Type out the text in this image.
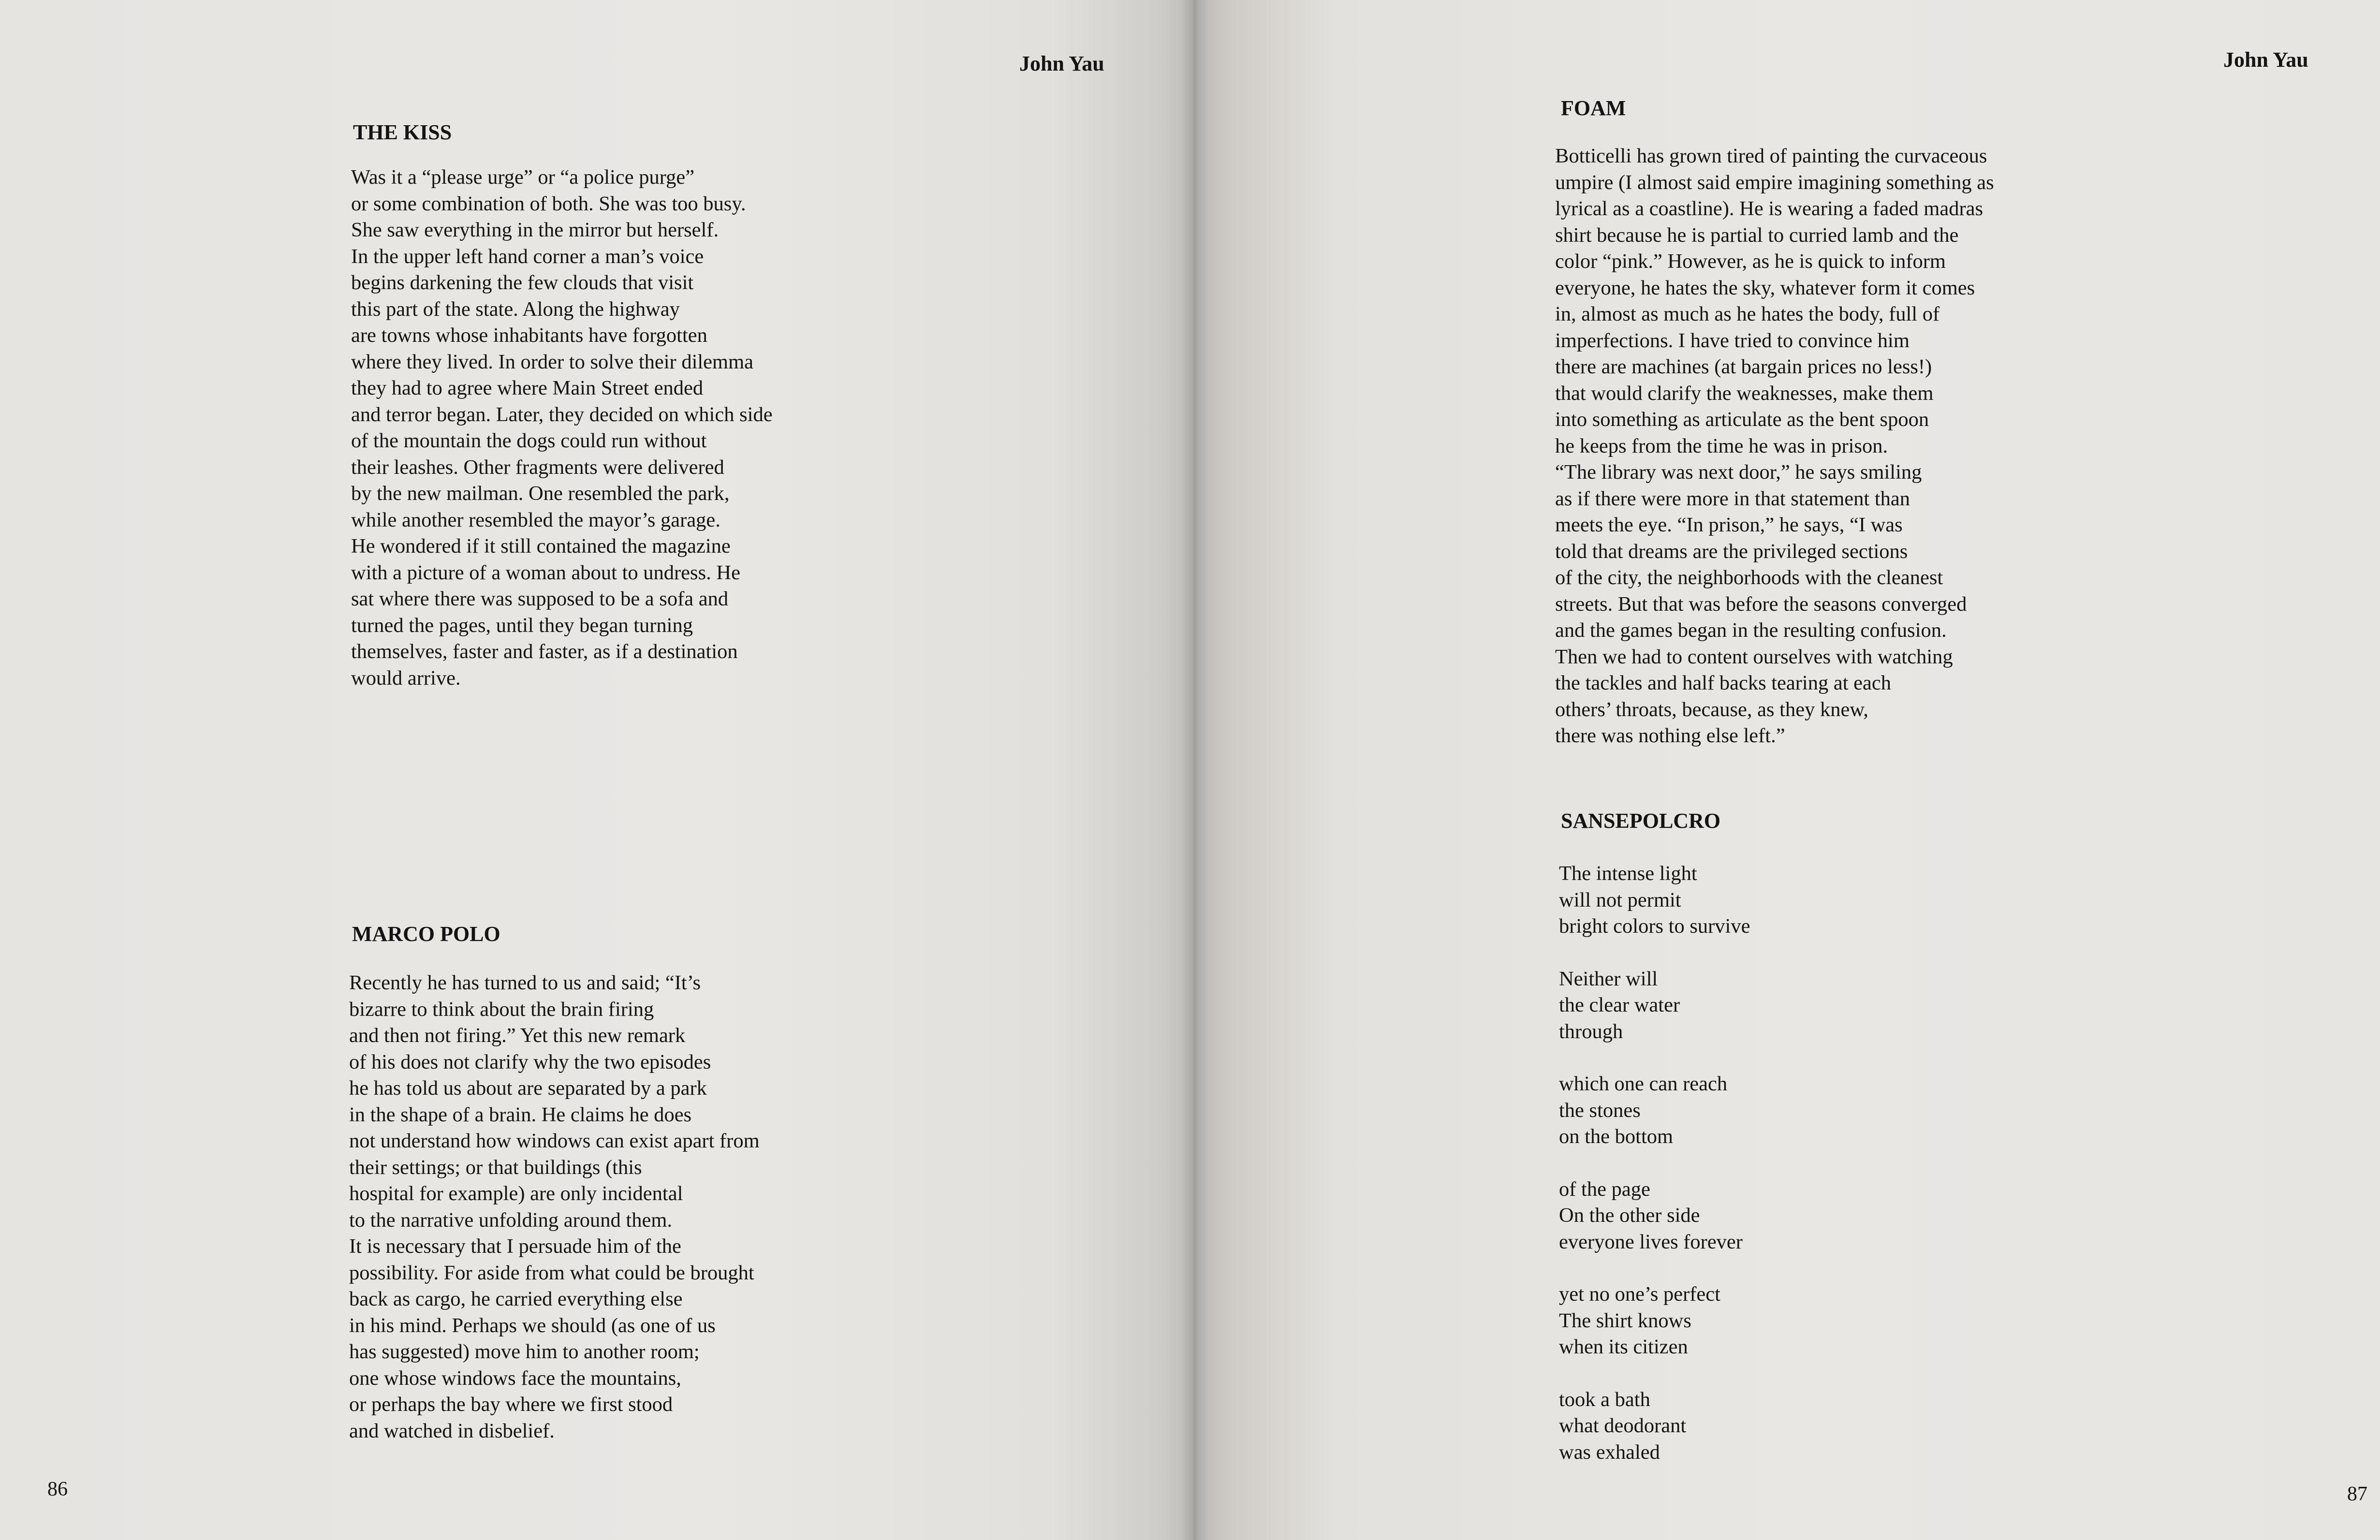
John Yau
THE KISS
Was it a “please urge” or “a police purge”
or some combination of both. She was too busy.
She saw everything in the mirror but herself.
In the upper left hand corner a man’s voice
begins darkening the few clouds that visit
this part of the state. Along the highway
are towns whose inhabitants have forgotten
where they lived. In order to solve their dilemma
they had to agree where Main Street ended
and terror began. Later, they decided on which side
of the mountain the dogs could run without
their leashes. Other fragments were delivered
by the new mailman. One resembled the park,
while another resembled the mayor’s garage.
He wondered if it still contained the magazine
with a picture of a woman about to undress. He
sat where there was supposed to be a sofa and
turned the pages, until they began turning
themselves, faster and faster, as if a destination
would arrive.
MARCO POLO
Recently he has turned to us and said; “It’s
bizarre to think about the brain firing
and then not firing.” Yet this new remark
of his does not clarify why the two episodes
he has told us about are separated by a park
in the shape of a brain. He claims he does
not understand how windows can exist apart from
their settings; or that buildings (this
hospital for example) are only incidental
to the narrative unfolding around them.
It is necessary that I persuade him of the
possibility. For aside from what could be brought
back as cargo, he carried everything else
in his mind. Perhaps we should (as one of us
has suggested) move him to another room;
one whose windows face the mountains,
or perhaps the bay where we first stood
and watched in disbelief.
86
John Yau
FOAM
Botticelli has grown tired of painting the curvaceous
umpire (I almost said empire imagining something as
lyrical as a coastline). He is wearing a faded madras
shirt because he is partial to curried lamb and the
color “pink.” However, as he is quick to inform
everyone, he hates the sky, whatever form it comes
in, almost as much as he hates the body, full of
imperfections. I have tried to convince him
there are machines (at bargain prices no less!)
that would clarify the weaknesses, make them
into something as articulate as the bent spoon
he keeps from the time he was in prison.
“The library was next door,” he says smiling
as if there were more in that statement than
meets the eye. “In prison,” he says, “I was
told that dreams are the privileged sections
of the city, the neighborhoods with the cleanest
streets. But that was before the seasons converged
and the games began in the resulting confusion.
Then we had to content ourselves with watching
the tackles and half backs tearing at each
others’ throats, because, as they knew,
there was nothing else left.”
SANSEPOLCRO
The intense light
will not permit
bright colors to survive
Neither will
the clear water
through
which one can reach
the stones
on the bottom
of the page
On the other side
everyone lives forever
yet no one’s perfect
The shirt knows
when its citizen
took a bath
what deodorant
was exhaled
87
